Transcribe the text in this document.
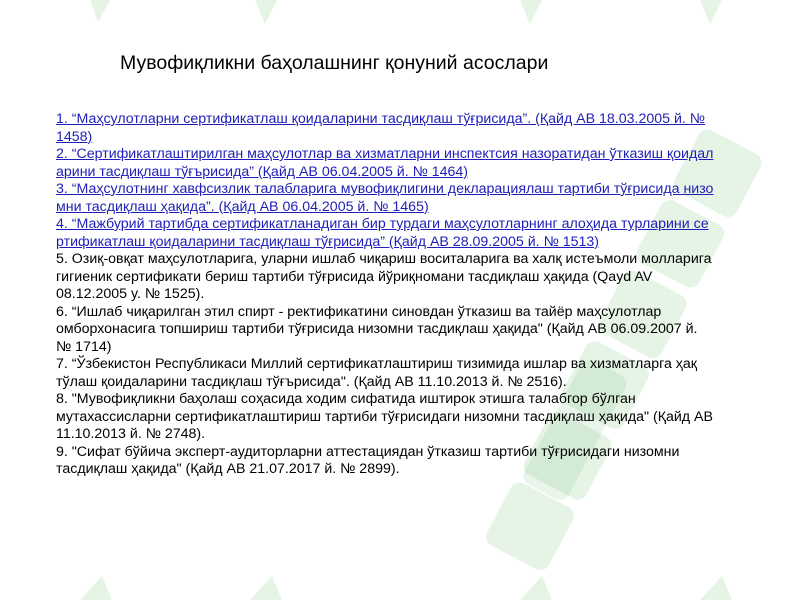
Мувофиқликни баҳолашнинг қонуний асослари

1. “Маҳсулотларни сертификатлаш қоидаларини тасдиқлаш тўғрисида”. (Қайд АВ 18.03.2005 й. № 1458)

2. “Сертификатлаштирилган маҳсулотлар ва хизматларни инспектсия назоратидан ўтказиш қоидаларини тасдиқлаш тўғърисида” (Қайд АВ 06.04.2005 й. № 1464)

3. “Маҳсулотнинг хавфсизлик талабларига мувофиқлигини декларациялаш тартиби тўғрисида низомни тасдиқлаш ҳақида”. (Қайд АВ 06.04.2005 й. № 1465)

4. “Мажбурий тартибда сертификатланадиган бир турдаги маҳсулотларнинг алоҳида турларини сертификатлаш қоидаларини тасдиқлаш тўғрисида” (Қайд АВ 28.09.2005 й. № 1513)

5. Озиқ-овқат маҳсулотларига, уларни ишлаб чиқариш воситаларига ва халқ истеъмоли молларига гигиеник сертификати бериш тартиби тўғрисида йўриқномани тасдиқлаш ҳақида (Qayd AV 08.12.2005 y. № 1525).

6. “Ишлаб чиқарилган этил спирт - ректификатини синовдан ўтказиш ва тайёр маҳсулотлар омборхонасига топшириш тартиби тўғрисида низомни тасдиқлаш ҳақида" (Қайд АВ 06.09.2007 й. № 1714)

7. “Ўзбекистон Республикаси Миллий сертификатлаштириш тизимида ишлар ва хизматларга ҳақ тўлаш қоидаларини тасдиқлаш тўғърисида". (Қайд АВ 11.10.2013 й. № 2516).

8. "Мувофиқликни баҳолаш соҳасида ходим сифатида иштирок этишга талабгор бўлган мутахассисларни сертификатлаштириш тартиби тўғрисидаги низомни тасдиқлаш ҳақида" (Қайд АВ 11.10.2013 й. № 2748).

9. "Сифат бўйича эксперт-аудиторларни аттестациядан ўтказиш тартиби тўғрисидаги низомни тасдиқлаш ҳақида" (Қайд АВ 21.07.2017 й. № 2899).
